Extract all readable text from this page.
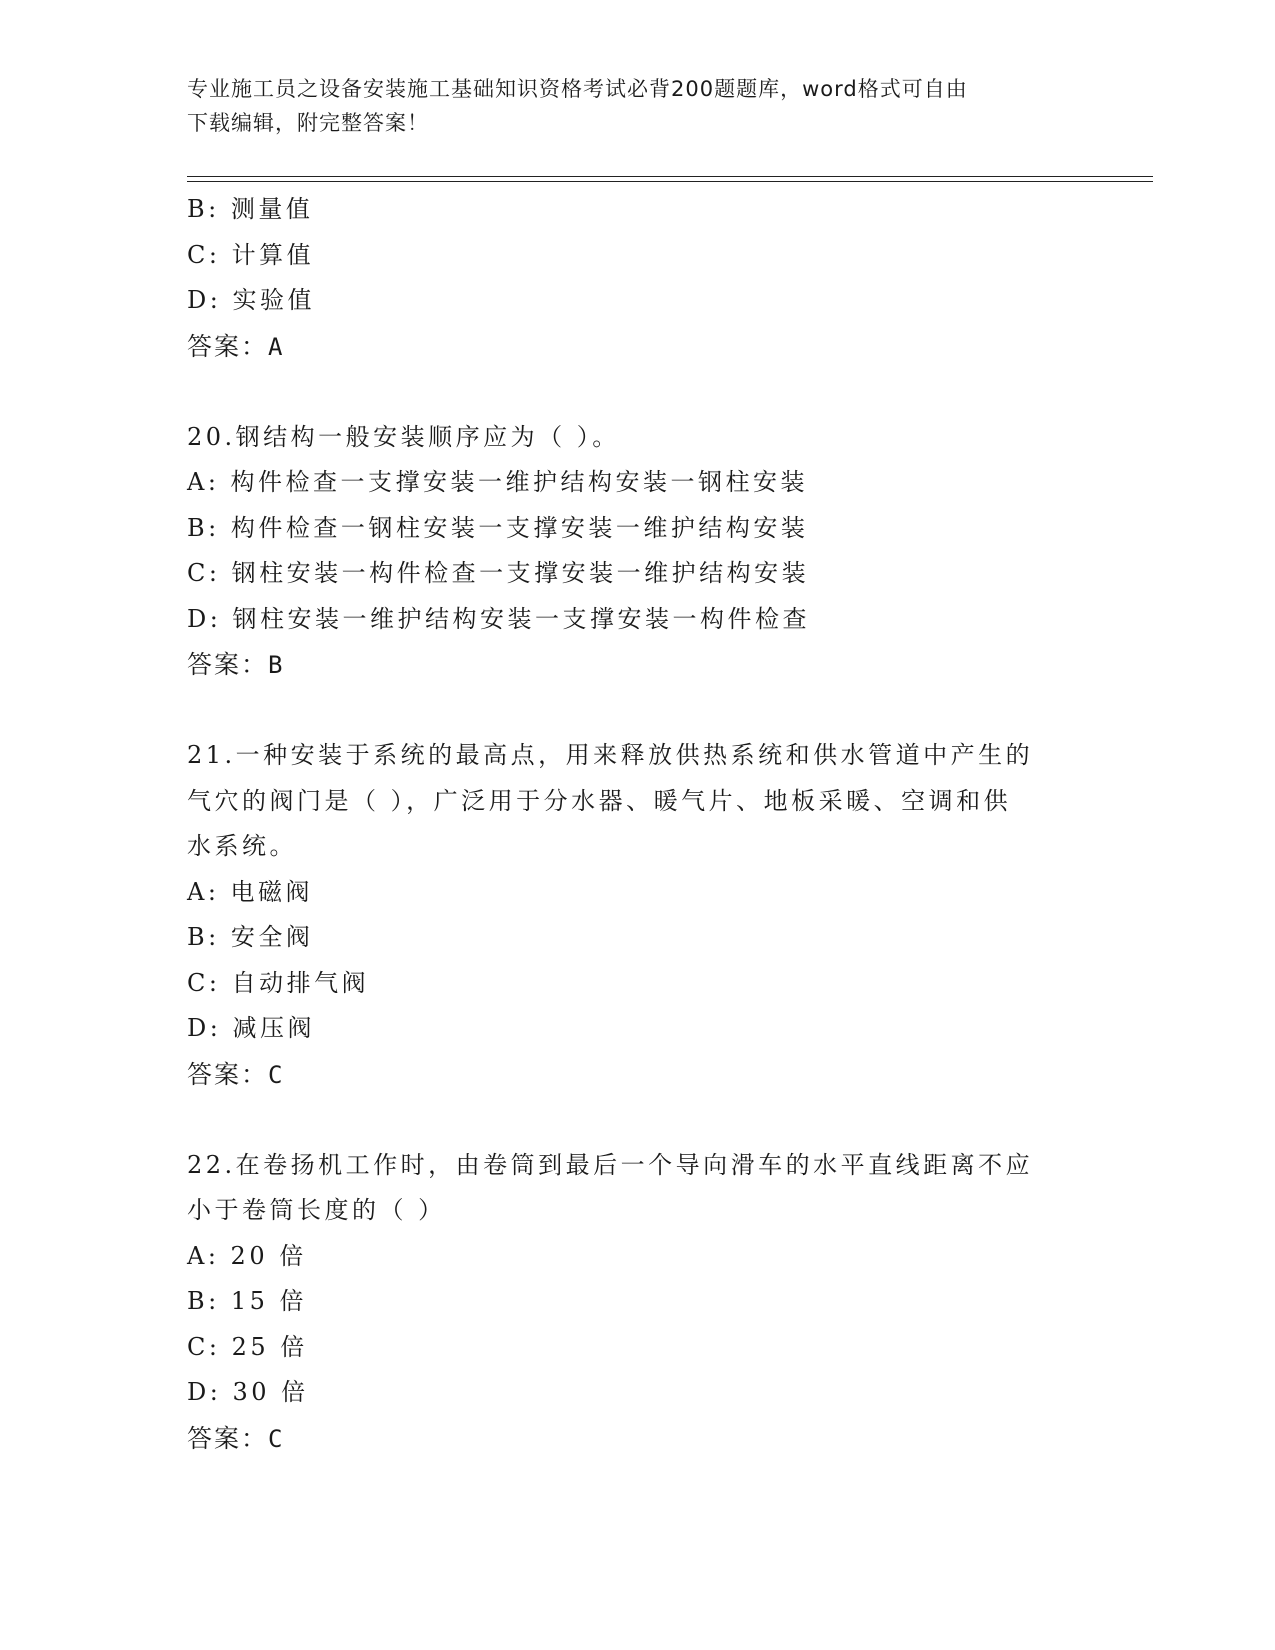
专业施工员之设备安装施工基础知识资格考试必背200题题库，word格式可自由
下载编辑，附完整答案！
B: 测量值
C: 计算值
D: 实验值
答案：A
20.钢结构一般安装顺序应为（ ）。
A: 构件检查一支撑安装一维护结构安装一钢柱安装
B: 构件检查一钢柱安装一支撑安装一维护结构安装
C: 钢柱安装一构件检查一支撑安装一维护结构安装
D: 钢柱安装一维护结构安装一支撑安装一构件检查
答案：B
21.一种安装于系统的最高点，用来释放供热系统和供水管道中产生的
气穴的阀门是（ ），广泛用于分水器、暖气片、地板采暖、空调和供
水系统。
A: 电磁阀
B: 安全阀
C: 自动排气阀
D: 减压阀
答案：C
22.在卷扬机工作时，由卷筒到最后一个导向滑车的水平直线距离不应
小于卷筒长度的（ ）
A: 20 倍
B: 15 倍
C: 25 倍
D: 30 倍
答案：C
